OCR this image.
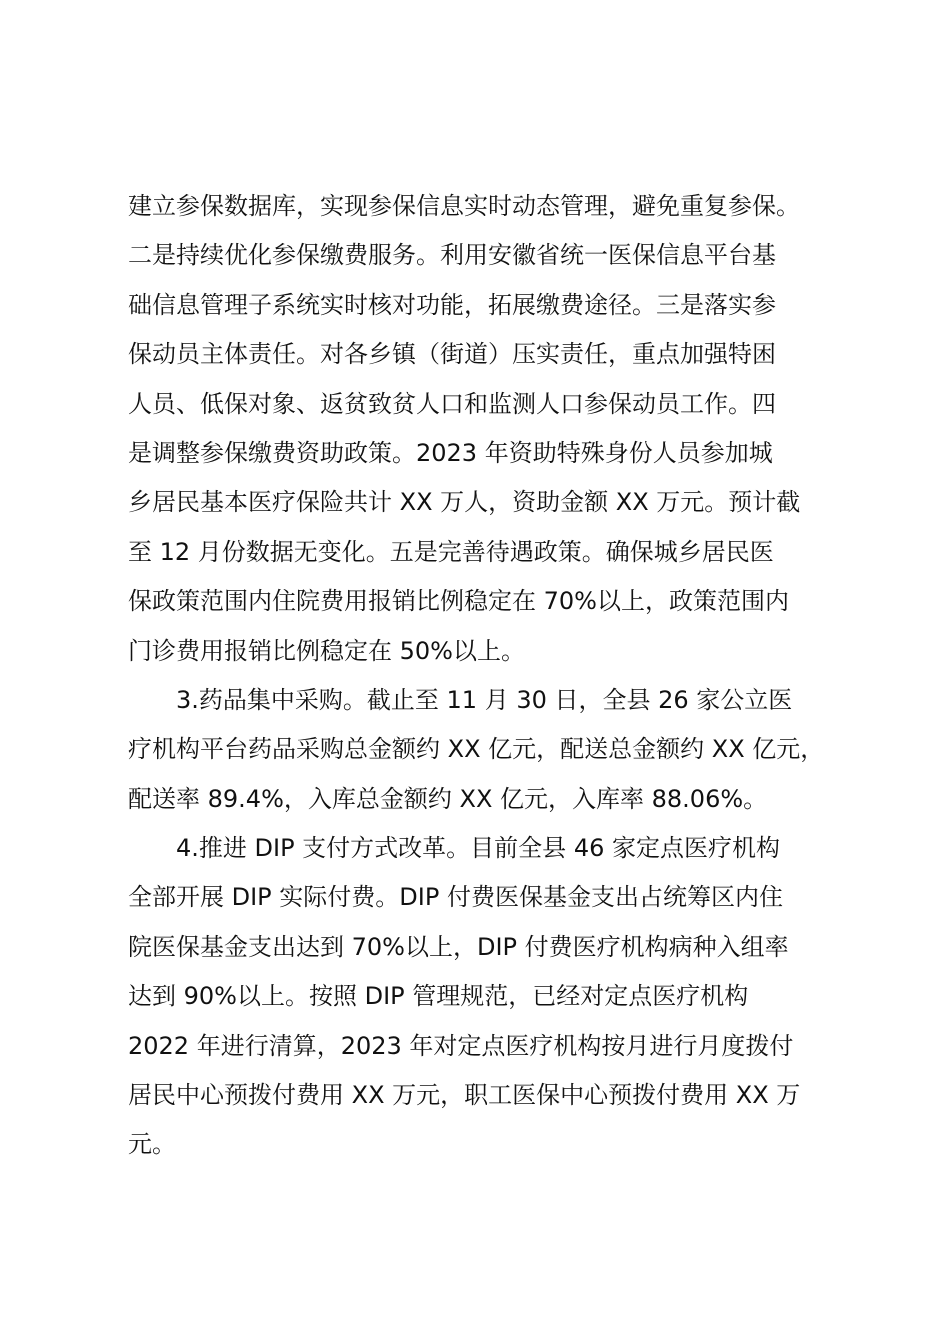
建立参保数据库，实现参保信息实时动态管理，避免重复参保。
二是持续优化参保缴费服务。利用安徽省统一医保信息平台基
础信息管理子系统实时核对功能，拓展缴费途径。三是落实参
保动员主体责任。对各乡镇（街道）压实责任，重点加强特困
人员、低保对象、返贫致贫人口和监测人口参保动员工作。四
是调整参保缴费资助政策。2023 年资助特殊身份人员参加城
乡居民基本医疗保险共计 XX 万人，资助金额 XX 万元。预计截
至 12 月份数据无变化。五是完善待遇政策。确保城乡居民医
保政策范围内住院费用报销比例稳定在 70%以上，政策范围内
门诊费用报销比例稳定在 50%以上。
3.药品集中采购。截止至 11 月 30 日，全县 26 家公立医
疗机构平台药品采购总金额约 XX 亿元，配送总金额约 XX 亿元，
配送率 89.4%，入库总金额约 XX 亿元，入库率 88.06%。
4.推进 DIP 支付方式改革。目前全县 46 家定点医疗机构
全部开展 DIP 实际付费。DIP 付费医保基金支出占统筹区内住
院医保基金支出达到 70%以上，DIP 付费医疗机构病种入组率
达到 90%以上。按照 DIP 管理规范，已经对定点医疗机构
2022 年进行清算，2023 年对定点医疗机构按月进行月度拨付
居民中心预拨付费用 XX 万元，职工医保中心预拨付费用 XX 万
元。
